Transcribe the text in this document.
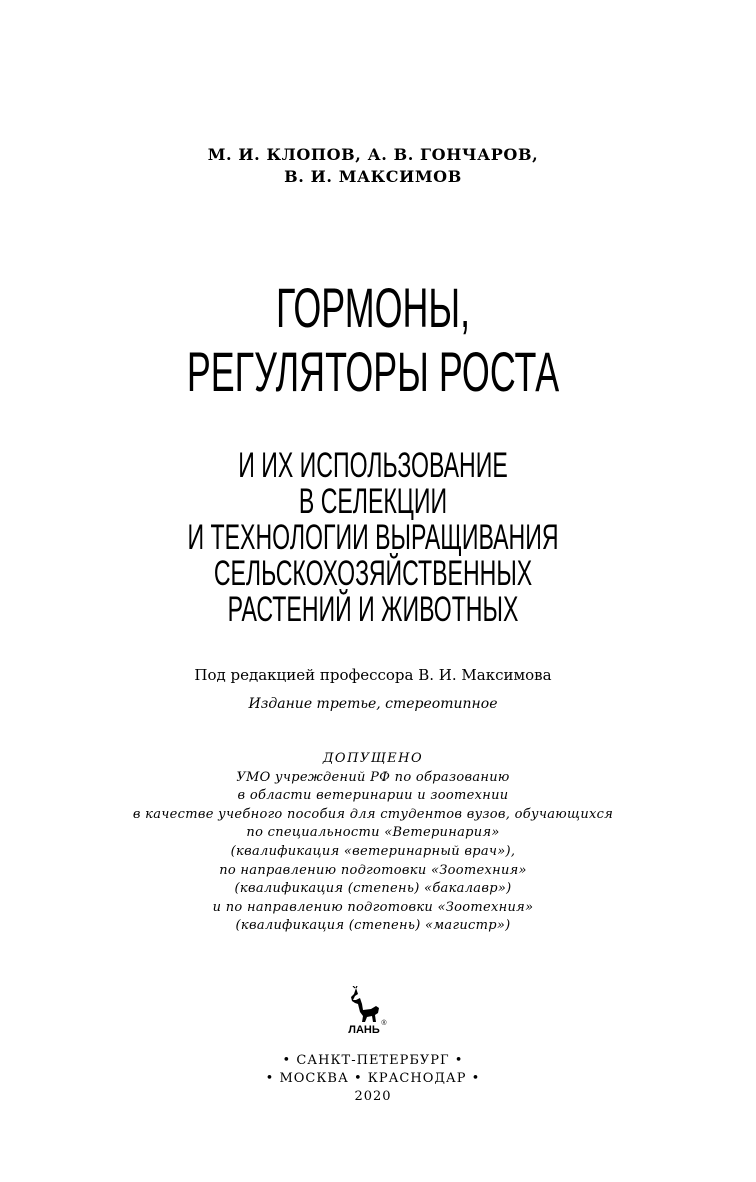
М. И. КЛОПОВ, А. В. ГОНЧАРОВ,
В. И. МАКСИМОВ
ГОРМОНЫ,
РЕГУЛЯТОРЫ РОСТА
И ИХ ИСПОЛЬЗОВАНИЕ
В СЕЛЕКЦИИ
И ТЕХНОЛОГИИ ВЫРАЩИВАНИЯ
СЕЛЬСКОХОЗЯЙСТВЕННЫХ
РАСТЕНИЙ И ЖИВОТНЫХ
Под редакцией профессора В. И. Максимова
Издание третье, стереотипное
ДОПУЩЕНО
УМО учреждений РФ по образованию
в области ветеринарии и зоотехнии
в качестве учебного пособия для студентов вузов, обучающихся
по специальности «Ветеринария»
(квалификация «ветеринарный врач»),
по направлению подготовки «Зоотехния»
(квалификация (степень) «бакалавр»)
и по направлению подготовки «Зоотехния»
(квалификация (степень) «магистр»)
ЛАНЬ
®
• САНКТ-ПЕТЕРБУРГ •
• МОСКВА • КРАСНОДАР •
2020
